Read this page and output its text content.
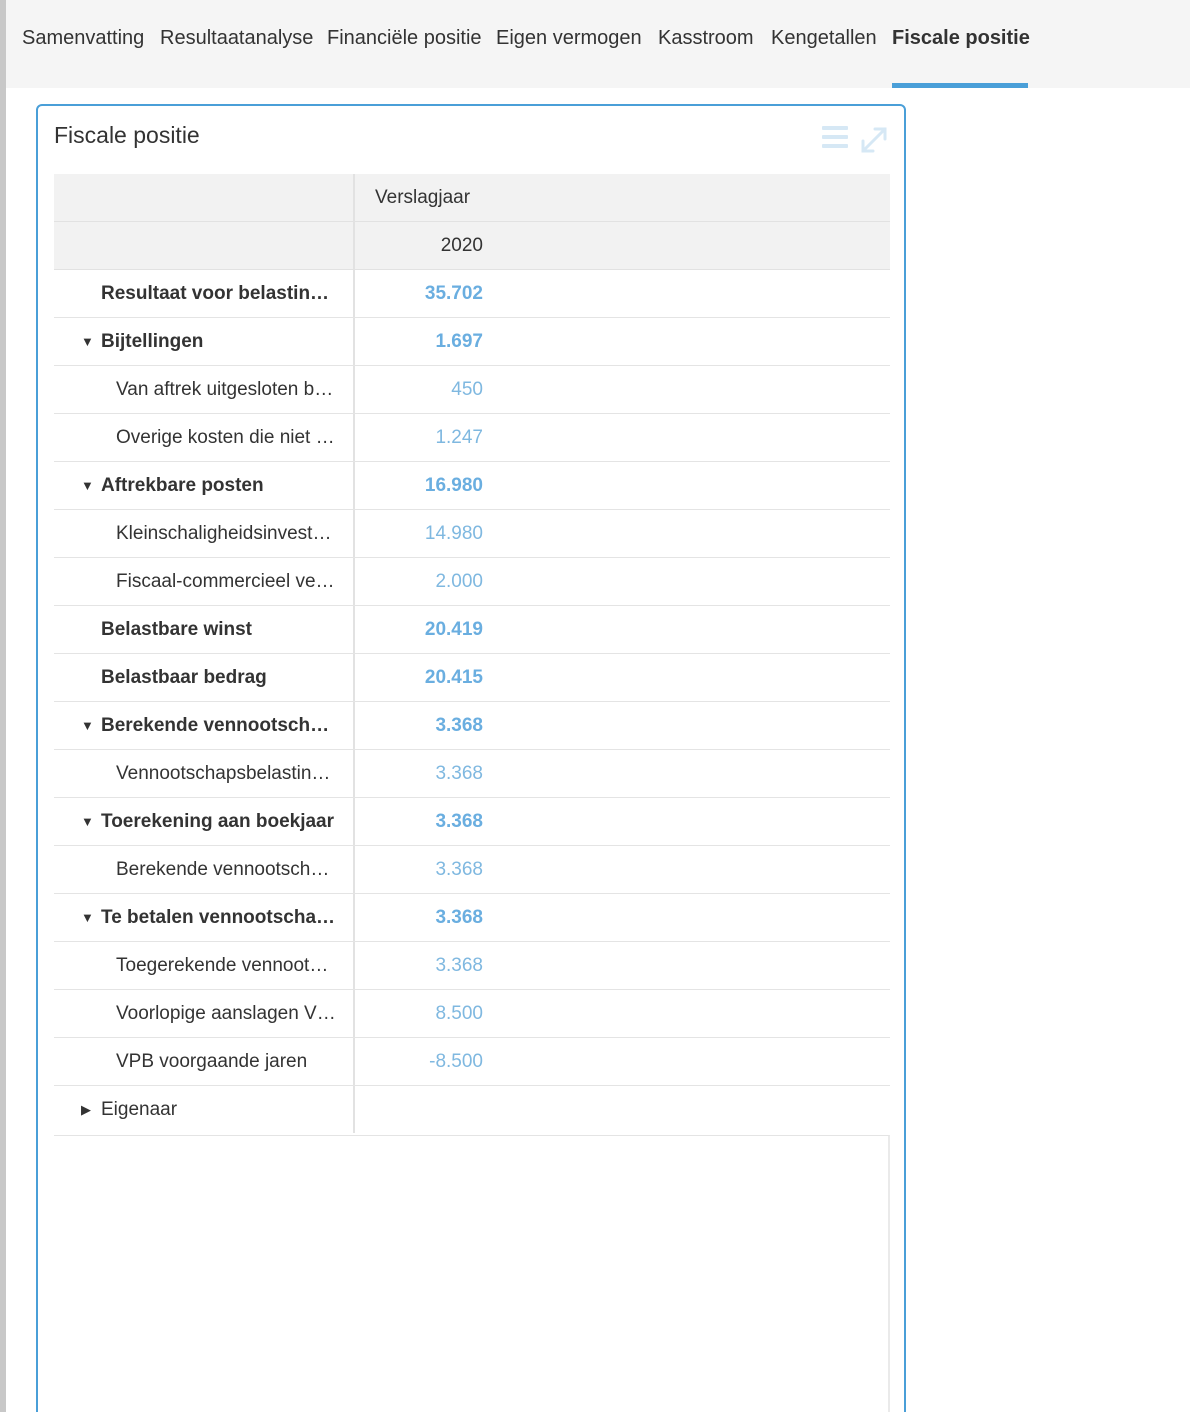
Samenvatting Resultaatanalyse Financiële positie Eigen vermogen Kasstroom Kengetallen Fiscale positie
Fiscale positie
Verslagjaar
2020
Resultaat voor belastin…	35.702
▼ Bijtellingen	1.697
Van aftrek uitgesloten b…	450
Overige kosten die niet …	1.247
▼ Aftrekbare posten	16.980
Kleinschaligheidsinvest…	14.980
Fiscaal-commercieel ve…	2.000
Belastbare winst	20.419
Belastbaar bedrag	20.415
▼ Berekende vennootsch…	3.368
Vennootschapsbelastin…	3.368
▼ Toerekening aan boekjaar	3.368
Berekende vennootsch…	3.368
▼ Te betalen vennootscha…	3.368
Toegerekende vennoot…	3.368
Voorlopige aanslagen V…	8.500
VPB voorgaande jaren	-8.500
▶ Eigenaar
